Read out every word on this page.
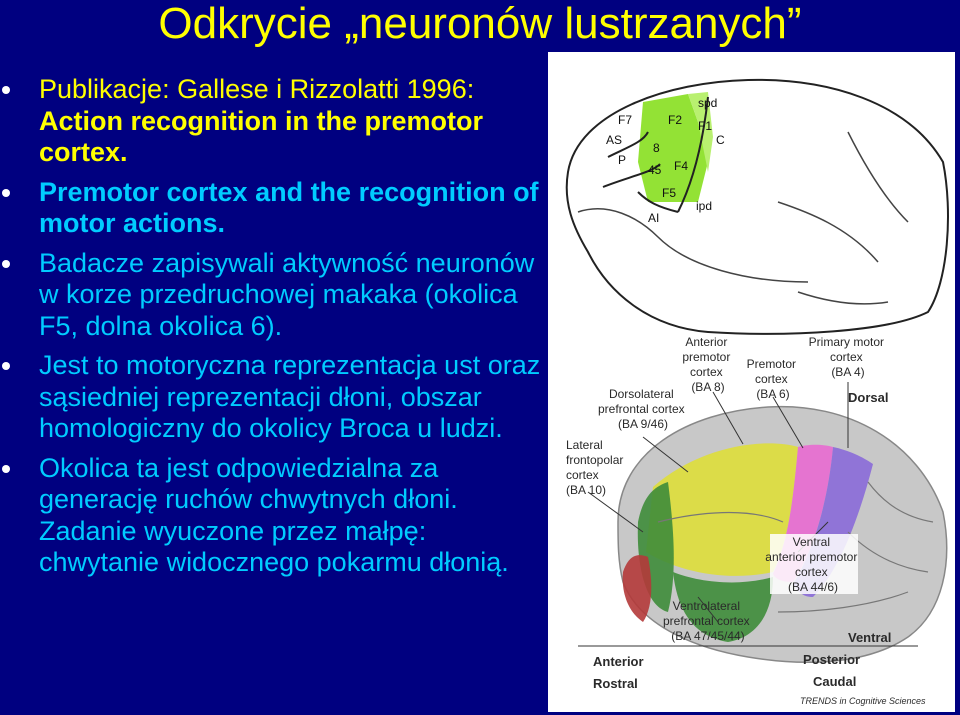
Odkrycie „neuronów lustrzanych”
Publikacje: Gallese i Rizzolatti 1996: Action recognition in the premotor cortex.
Premotor cortex and the recognition of motor actions.
Badacze zapisywali aktywność neuronów w korze przedruchowej makaka (okolica F5, dolna okolica 6).
Jest to motoryczna reprezentacja ust oraz sąsiedniej reprezentacji dłoni, obszar homologiczny do okolicy Broca u ludzi.
Okolica ta jest odpowiedzialna za generację ruchów chwytnych dłoni. Zadanie wyuczone przez małpę: chwytanie widocznego pokarmu dłonią.
F7	F2
spd
F1
AS
8
P
45 F4
F5
C
AI
ipd
Anterior premotor cortex (BA 8)
Premotor cortex (BA 6)
Primary motor cortex (BA 4)
Dorsal
Dorsolateral prefrontal cortex (BA 9/46)
Lateral frontopolar cortex (BA 10)
Ventral anterior premotor cortex (BA 44/6)
Ventrolateral prefrontal cortex (BA 47/45/44)	Ventral
Anterior
Rostral
Posterior
Caudal
TRENDS in Cognitive Sciences
